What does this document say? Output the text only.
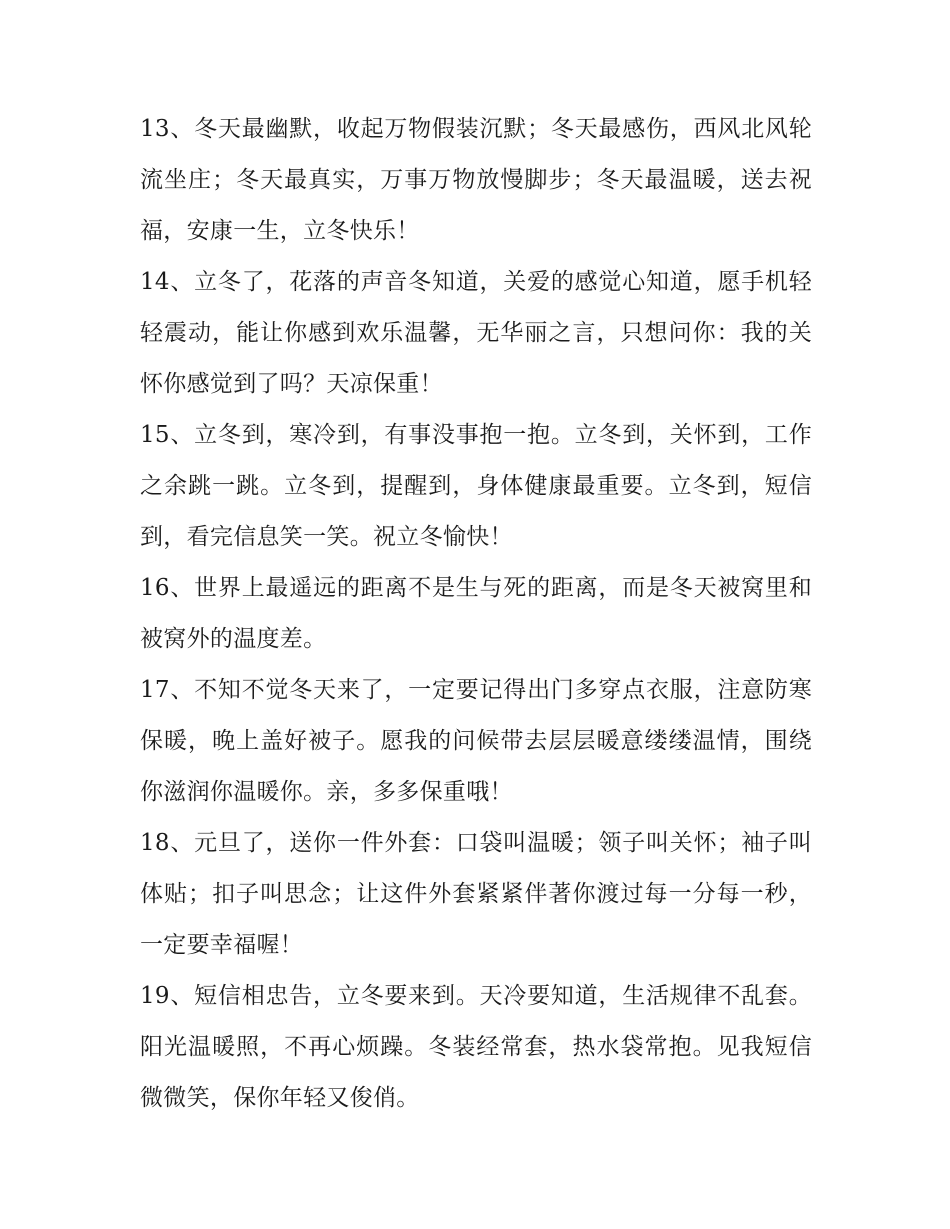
13、冬天最幽默，收起万物假装沉默；冬天最感伤，西风北风轮流坐庄；冬天最真实，万事万物放慢脚步；冬天最温暖，送去祝福，安康一生，立冬快乐！

14、立冬了，花落的声音冬知道，关爱的感觉心知道，愿手机轻轻震动，能让你感到欢乐温馨，无华丽之言，只想问你：我的关怀你感觉到了吗？天凉保重！

15、立冬到，寒冷到，有事没事抱一抱。立冬到，关怀到，工作之余跳一跳。立冬到，提醒到，身体健康最重要。立冬到，短信到，看完信息笑一笑。祝立冬愉快！

16、世界上最遥远的距离不是生与死的距离，而是冬天被窝里和被窝外的温度差。

17、不知不觉冬天来了，一定要记得出门多穿点衣服，注意防寒保暖，晚上盖好被子。愿我的问候带去层层暖意缕缕温情，围绕你滋润你温暖你。亲，多多保重哦！

18、元旦了，送你一件外套：口袋叫温暖；领子叫关怀；袖子叫体贴；扣子叫思念；让这件外套紧紧伴著你渡过每一分每一秒，一定要幸福喔！

19、短信相忠告，立冬要来到。天冷要知道，生活规律不乱套。阳光温暖照，不再心烦躁。冬装经常套，热水袋常抱。见我短信微微笑，保你年轻又俊俏。
